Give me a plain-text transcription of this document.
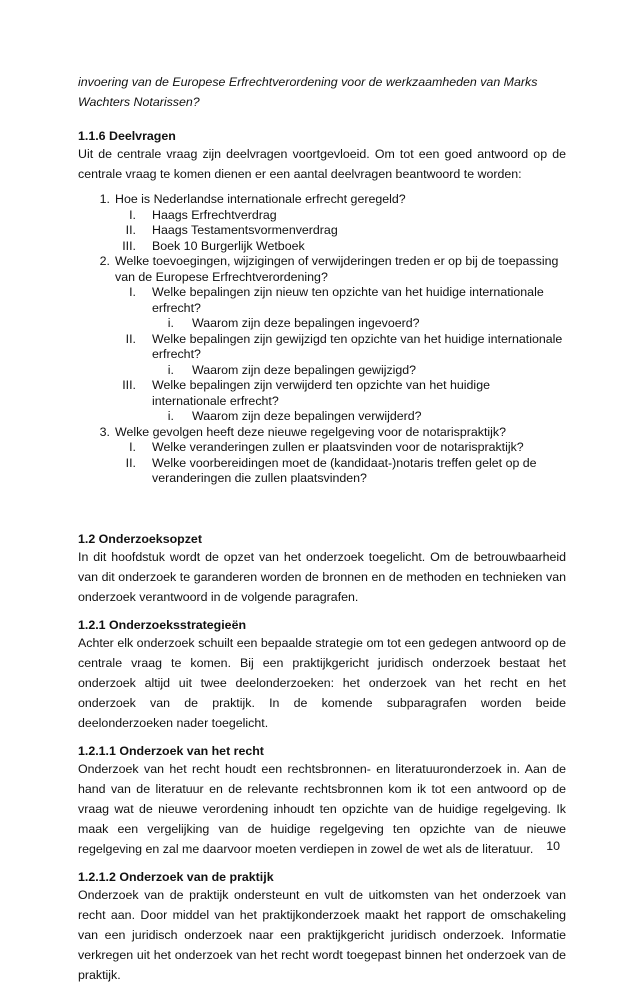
invoering van de Europese Erfrechtverordening voor de werkzaamheden van Marks Wachters Notarissen?

1.1.6 Deelvragen

Uit de centrale vraag zijn deelvragen voortgevloeid. Om tot een goed antwoord op de centrale vraag te komen dienen er een aantal deelvragen beantwoord te worden:

1. Hoe is Nederlandse internationale erfrecht geregeld?
I. Haags Erfrechtverdrag
II. Haags Testamentsvormenverdrag
III. Boek 10 Burgerlijk Wetboek
2. Welke toevoegingen, wijzigingen of verwijderingen treden er op bij de toepassing van de Europese Erfrechtverordening?
I. Welke bepalingen zijn nieuw ten opzichte van het huidige internationale erfrecht?
i. Waarom zijn deze bepalingen ingevoerd?
II. Welke bepalingen zijn gewijzigd ten opzichte van het huidige internationale erfrecht?
i. Waarom zijn deze bepalingen gewijzigd?
III. Welke bepalingen zijn verwijderd ten opzichte van het huidige internationale erfrecht?
i. Waarom zijn deze bepalingen verwijderd?
3. Welke gevolgen heeft deze nieuwe regelgeving voor de notarispraktijk?
I. Welke veranderingen zullen er plaatsvinden voor de notarispraktijk?
II. Welke voorbereidingen moet de (kandidaat-)notaris treffen gelet op de veranderingen die zullen plaatsvinden?
1.2 Onderzoeksopzet

In dit hoofdstuk wordt de opzet van het onderzoek toegelicht. Om de betrouwbaarheid van dit onderzoek te garanderen worden de bronnen en de methoden en technieken van onderzoek verantwoord in de volgende paragrafen.

1.2.1 Onderzoeksstrategieën

Achter elk onderzoek schuilt een bepaalde strategie om tot een gedegen antwoord op de centrale vraag te komen. Bij een praktijkgericht juridisch onderzoek bestaat het onderzoek altijd uit twee deelonderzoeken: het onderzoek van het recht en het onderzoek van de praktijk. In de komende subparagrafen worden beide deelonderzoeken nader toegelicht.

1.2.1.1 Onderzoek van het recht

Onderzoek van het recht houdt een rechtsbronnen- en literatuuronderzoek in. Aan de hand van de literatuur en de relevante rechtsbronnen kom ik tot een antwoord op de vraag wat de nieuwe verordening inhoudt ten opzichte van de huidige regelgeving. Ik maak een vergelijking van de huidige regelgeving ten opzichte van de nieuwe regelgeving en zal me daarvoor moeten verdiepen in zowel de wet als de literatuur.

1.2.1.2 Onderzoek van de praktijk

Onderzoek van de praktijk ondersteunt en vult de uitkomsten van het onderzoek van recht aan. Door middel van het praktijkonderzoek maakt het rapport de omschakeling van een juridisch onderzoek naar een praktijkgericht juridisch onderzoek. Informatie verkregen uit het onderzoek van het recht wordt toegepast binnen het onderzoek van de praktijk.

10
